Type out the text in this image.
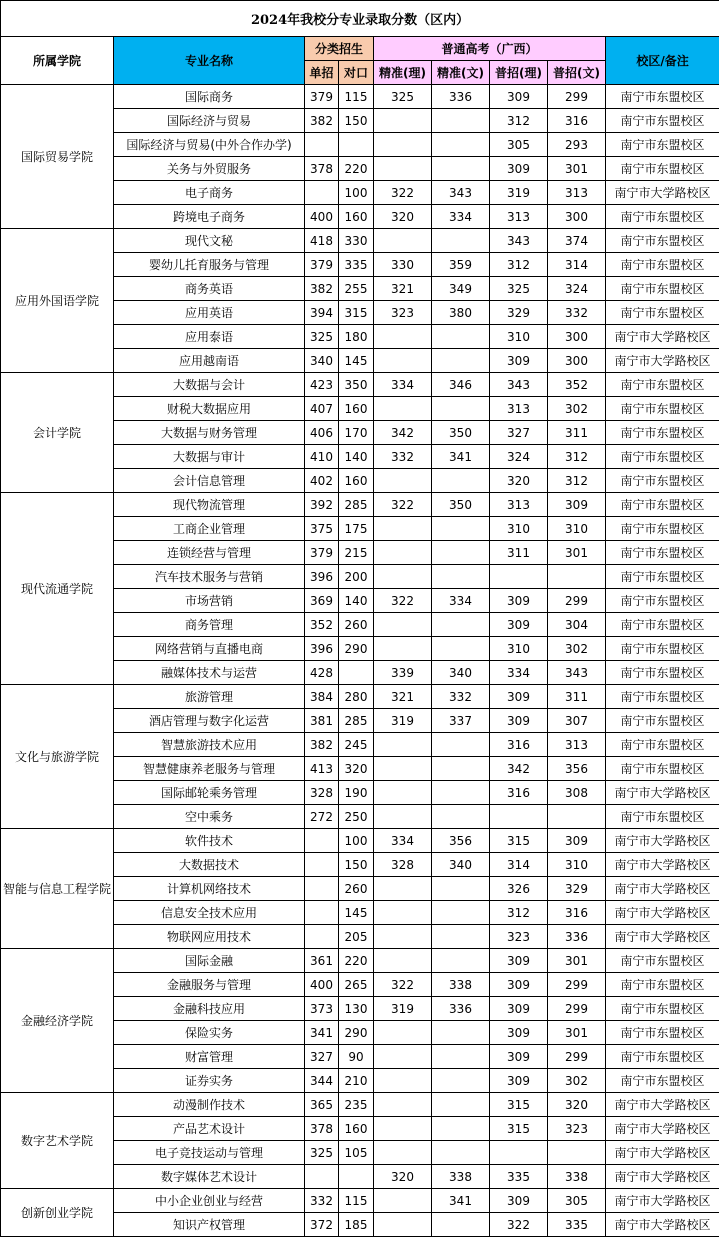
2024年我校分专业录取分数（区内）								
所属学院	专业名称	分类招生		普通高考（广西）				校区/备注
		单招	对口	精准(理)	精准(文)	普招(理)	普招(文)	
国际贸易学院	国际商务	379	115	325	336	309	299	南宁市东盟校区
	国际经济与贸易	382	150			312	316	南宁市东盟校区
	国际经济与贸易(中外合作办学)					305	293	南宁市东盟校区
	关务与外贸服务	378	220			309	301	南宁市东盟校区
	电子商务		100	322	343	319	313	南宁市大学路校区
	跨境电子商务	400	160	320	334	313	300	南宁市东盟校区
应用外国语学院	现代文秘	418	330			343	374	南宁市东盟校区
	婴幼儿托育服务与管理	379	335	330	359	312	314	南宁市东盟校区
	商务英语	382	255	321	349	325	324	南宁市东盟校区
	应用英语	394	315	323	380	329	332	南宁市东盟校区
	应用泰语	325	180			310	300	南宁市大学路校区
	应用越南语	340	145			309	300	南宁市大学路校区
会计学院	大数据与会计	423	350	334	346	343	352	南宁市东盟校区
	财税大数据应用	407	160			313	302	南宁市东盟校区
	大数据与财务管理	406	170	342	350	327	311	南宁市东盟校区
	大数据与审计	410	140	332	341	324	312	南宁市东盟校区
	会计信息管理	402	160			320	312	南宁市东盟校区
现代流通学院	现代物流管理	392	285	322	350	313	309	南宁市东盟校区
	工商企业管理	375	175			310	310	南宁市东盟校区
	连锁经营与管理	379	215			311	301	南宁市东盟校区
	汽车技术服务与营销	396	200					南宁市东盟校区
	市场营销	369	140	322	334	309	299	南宁市东盟校区
	商务管理	352	260			309	304	南宁市东盟校区
	网络营销与直播电商	396	290			310	302	南宁市东盟校区
	融媒体技术与运营	428		339	340	334	343	南宁市东盟校区
文化与旅游学院	旅游管理	384	280	321	332	309	311	南宁市东盟校区
	酒店管理与数字化运营	381	285	319	337	309	307	南宁市东盟校区
	智慧旅游技术应用	382	245			316	313	南宁市东盟校区
	智慧健康养老服务与管理	413	320			342	356	南宁市东盟校区
	国际邮轮乘务管理	328	190			316	308	南宁市大学路校区
	空中乘务	272	250					南宁市东盟校区
智能与信息工程学院	软件技术		100	334	356	315	309	南宁市大学路校区
	大数据技术		150	328	340	314	310	南宁市大学路校区
	计算机网络技术		260			326	329	南宁市大学路校区
	信息安全技术应用		145			312	316	南宁市大学路校区
	物联网应用技术		205			323	336	南宁市大学路校区
金融经济学院	国际金融	361	220			309	301	南宁市东盟校区
	金融服务与管理	400	265	322	338	309	299	南宁市东盟校区
	金融科技应用	373	130	319	336	309	299	南宁市东盟校区
	保险实务	341	290			309	301	南宁市东盟校区
	财富管理	327	90			309	299	南宁市东盟校区
	证券实务	344	210			309	302	南宁市东盟校区
数字艺术学院	动漫制作技术	365	235			315	320	南宁市大学路校区
	产品艺术设计	378	160			315	323	南宁市大学路校区
	电子竞技运动与管理	325	105					南宁市大学路校区
	数字媒体艺术设计			320	338	335	338	南宁市大学路校区
创新创业学院	中小企业创业与经营	332	115		341	309	305	南宁市大学路校区
	知识产权管理	372	185			322	335	南宁市大学路校区
